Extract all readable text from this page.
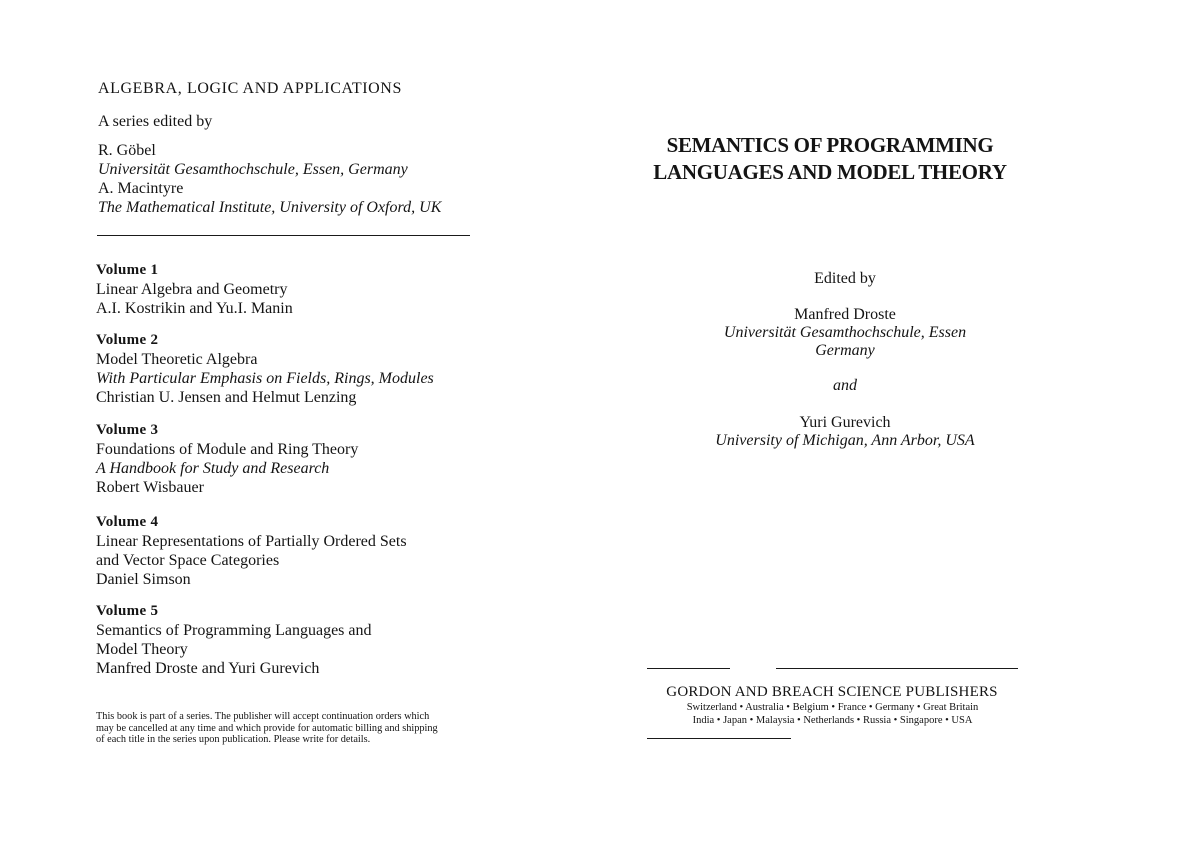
ALGEBRA, LOGIC AND APPLICATIONS
A series edited by
R. Göbel
Universität Gesamthochschule, Essen, Germany
A. Macintyre
The Mathematical Institute, University of Oxford, UK
Volume 1
Linear Algebra and Geometry
A.I. Kostrikin and Yu.I. Manin
Volume 2
Model Theoretic Algebra
With Particular Emphasis on Fields, Rings, Modules
Christian U. Jensen and Helmut Lenzing
Volume 3
Foundations of Module and Ring Theory
A Handbook for Study and Research
Robert Wisbauer
Volume 4
Linear Representations of Partially Ordered Sets
and Vector Space Categories
Daniel Simson
Volume 5
Semantics of Programming Languages and
Model Theory
Manfred Droste and Yuri Gurevich
This book is part of a series. The publisher will accept continuation orders which
may be cancelled at any time and which provide for automatic billing and shipping
of each title in the series upon publication. Please write for details.
SEMANTICS OF PROGRAMMING
LANGUAGES AND MODEL THEORY
Edited by
Manfred Droste
Universität Gesamthochschule, Essen
Germany
and
Yuri Gurevich
University of Michigan, Ann Arbor, USA
GORDON AND BREACH SCIENCE PUBLISHERS
Switzerland • Australia • Belgium • France • Germany • Great Britain
India • Japan • Malaysia • Netherlands • Russia • Singapore • USA
